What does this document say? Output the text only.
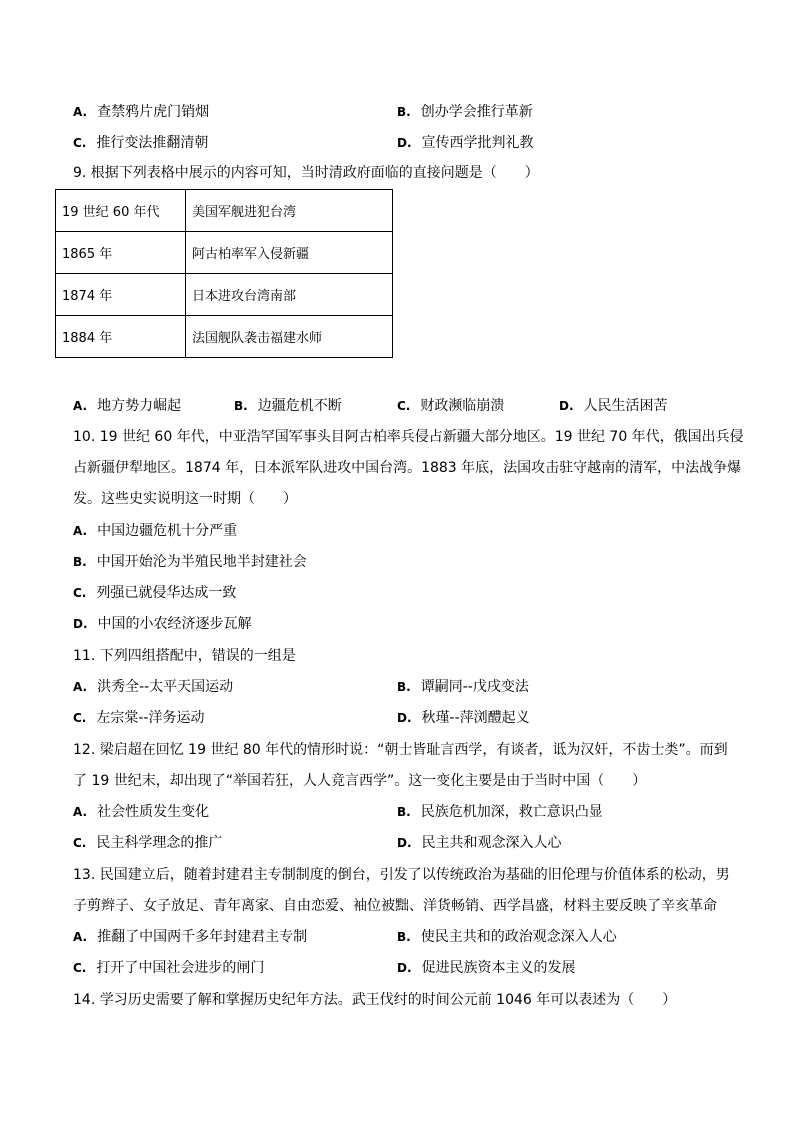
A. 查禁鸦片虎门销烟	B. 创办学会推行革新
C. 推行变法推翻清朝	D. 宣传西学批判礼教
9. 根据下列表格中展示的内容可知，当时清政府面临的直接问题是（　　）
19 世纪 60 年代	美国军舰进犯台湾
1865 年	阿古柏率军入侵新疆
1874 年	日本进攻台湾南部
1884 年	法国舰队袭击福建水师
A. 地方势力崛起	B. 边疆危机不断	C. 财政濒临崩溃	D. 人民生活困苦
10. 19 世纪 60 年代，中亚浩罕国军事头目阿古柏率兵侵占新疆大部分地区。19 世纪 70 年代，俄国出兵侵
占新疆伊犁地区。1874 年，日本派军队进攻中国台湾。1883 年底，法国攻击驻守越南的清军，中法战争爆
发。这些史实说明这一时期（　　）
A. 中国边疆危机十分严重
B. 中国开始沦为半殖民地半封建社会
C. 列强已就侵华达成一致
D. 中国的小农经济逐步瓦解
11. 下列四组搭配中，错误的一组是
A. 洪秀全--太平天国运动	B. 谭嗣同--戊戌变法
C. 左宗棠--洋务运动	D. 秋瑾--萍浏醴起义
12. 梁启超在回忆 19 世纪 80 年代的情形时说：“朝士皆耻言西学，有谈者，诋为汉奸，不齿士类”。而到
了 19 世纪末，却出现了“举国若狂，人人竞言西学”。这一变化主要是由于当时中国（　　）
A. 社会性质发生变化	B. 民族危机加深，救亡意识凸显
C. 民主科学理念的推广	D. 民主共和观念深入人心
13. 民国建立后，随着封建君主专制制度的倒台，引发了以传统政治为基础的旧伦理与价值体系的松动，男
子剪辫子、女子放足、青年离家、自由恋爱、袖位被黜、洋货畅销、西学昌盛，材料主要反映了辛亥革命
A. 推翻了中国两千多年封建君主专制	B. 使民主共和的政治观念深入人心
C. 打开了中国社会进步的闸门	D. 促进民族资本主义的发展
14. 学习历史需要了解和掌握历史纪年方法。武王伐纣的时间公元前 1046 年可以表述为（　　）
